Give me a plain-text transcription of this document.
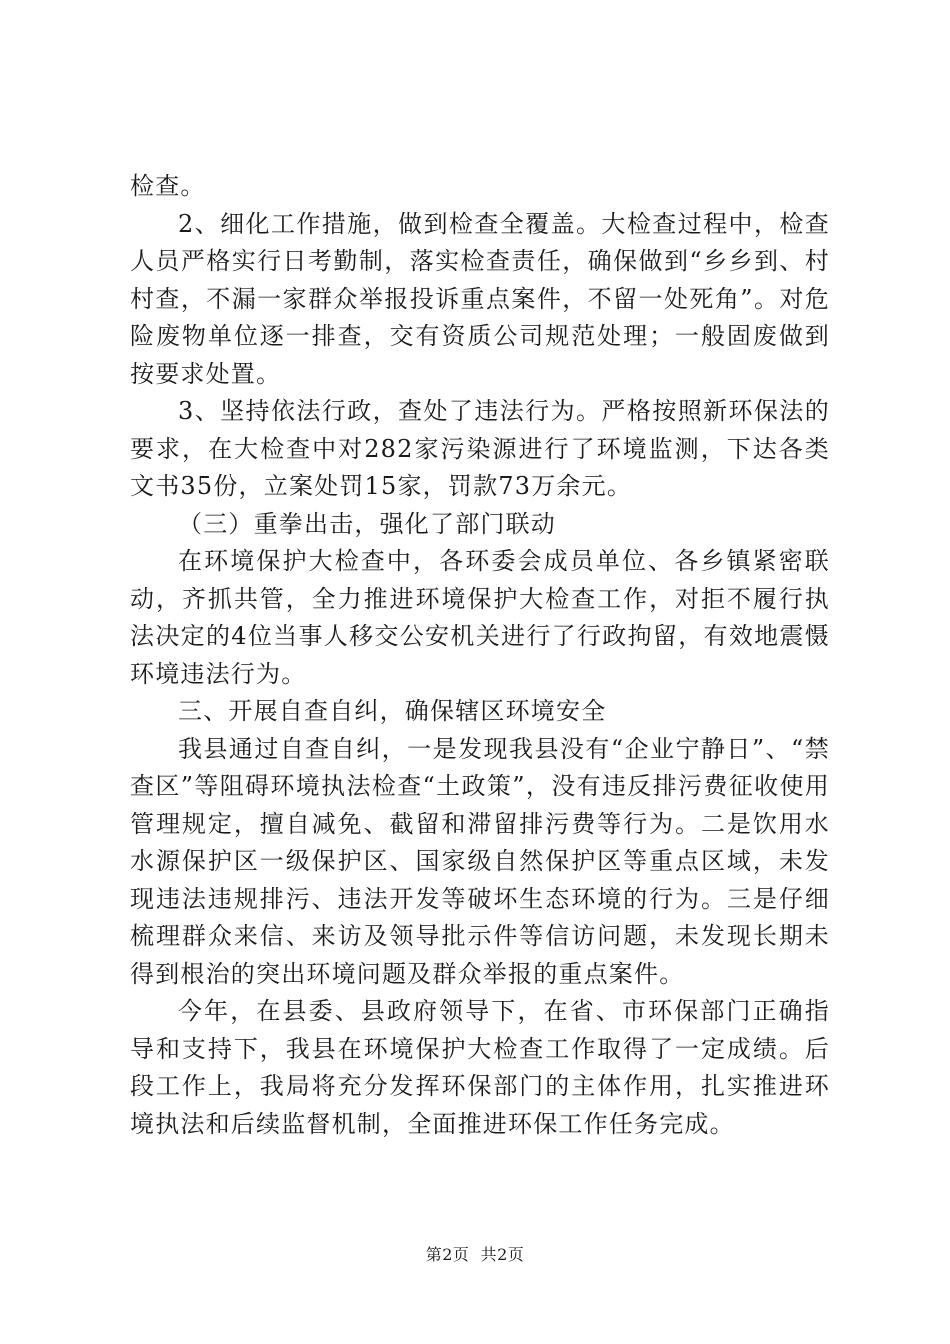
检查。

2、细化工作措施，做到检查全覆盖。大检查过程中，检查人员严格实行日考勤制，落实检查责任，确保做到“乡乡到、村村查，不漏一家群众举报投诉重点案件，不留一处死角”。对危险废物单位逐一排查，交有资质公司规范处理；一般固废做到按要求处置。

3、坚持依法行政，查处了违法行为。严格按照新环保法的要求，在大检查中对282家污染源进行了环境监测，下达各类文书35份，立案处罚15家，罚款73万余元。

（三）重拳出击，强化了部门联动

在环境保护大检查中，各环委会成员单位、各乡镇紧密联动，齐抓共管，全力推进环境保护大检查工作，对拒不履行执法决定的4位当事人移交公安机关进行了行政拘留，有效地震慑环境违法行为。

三、开展自查自纠，确保辖区环境安全

我县通过自查自纠，一是发现我县没有“企业宁静日”、“禁查区”等阻碍环境执法检查“土政策”，没有违反排污费征收使用管理规定，擅自减免、截留和滞留排污费等行为。二是饮用水水源保护区一级保护区、国家级自然保护区等重点区域，未发现违法违规排污、违法开发等破坏生态环境的行为。三是仔细梳理群众来信、来访及领导批示件等信访问题，未发现长期未得到根治的突出环境问题及群众举报的重点案件。

今年，在县委、县政府领导下，在省、市环保部门正确指导和支持下，我县在环境保护大检查工作取得了一定成绩。后段工作上，我局将充分发挥环保部门的主体作用，扎实推进环境执法和后续监督机制，全面推进环保工作任务完成。

第2页  共2页
